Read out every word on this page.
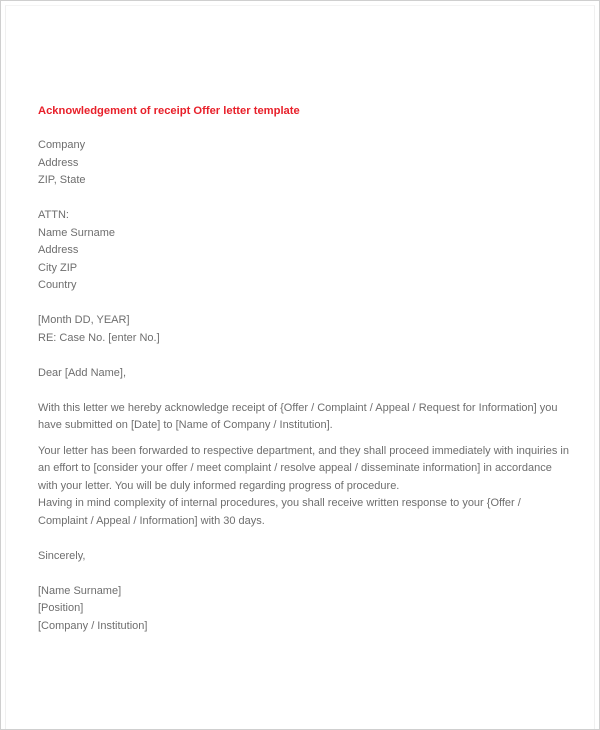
Acknowledgement of receipt Offer letter template
Company
Address
ZIP, State
ATTN:
Name Surname
Address
City ZIP
Country
[Month DD, YEAR]
RE: Case No. [enter No.]
Dear [Add Name],

With this letter we hereby acknowledge receipt of {Offer / Complaint / Appeal / Request for Information] you have submitted on [Date] to [Name of Company / Institution].

Your letter has been forwarded to respective department, and they shall proceed immediately with inquiries in an effort to [consider your offer / meet complaint / resolve appeal / disseminate information] in accordance with your letter. You will be duly informed regarding progress of procedure.

Having in mind complexity of internal procedures, you shall receive written response to your {Offer / Complaint / Appeal / Information] with 30 days.

Sincerely,
[Name Surname]
[Position]
[Company / Institution]
